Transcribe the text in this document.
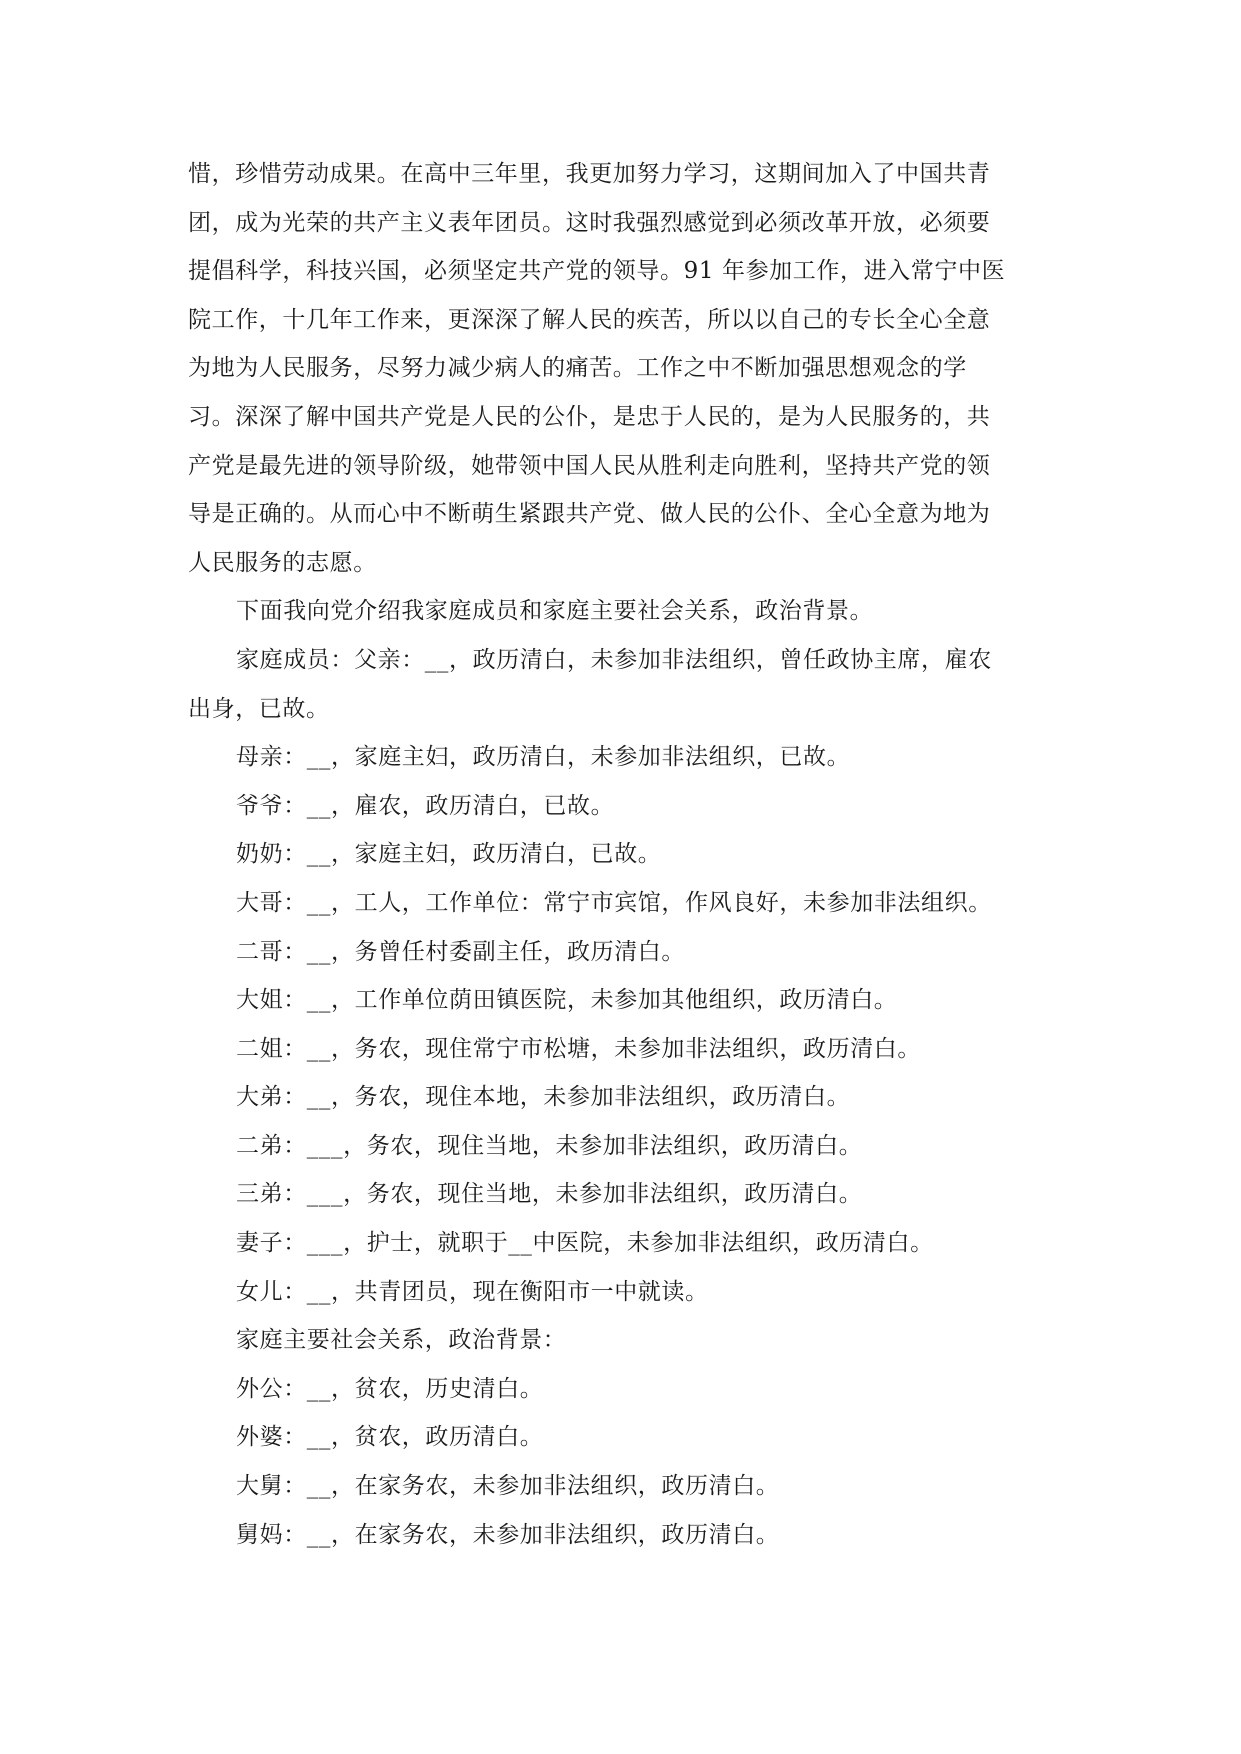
惜，珍惜劳动成果。在高中三年里，我更加努力学习，这期间加入了中国共青

团，成为光荣的共产主义表年团员。这时我强烈感觉到必须改革开放，必须要

提倡科学，科技兴国，必须坚定共产党的领导。91 年参加工作，进入常宁中医

院工作，十几年工作来，更深深了解人民的疾苦，所以以自己的专长全心全意

为地为人民服务，尽努力减少病人的痛苦。工作之中不断加强思想观念的学

习。深深了解中国共产党是人民的公仆，是忠于人民的，是为人民服务的，共

产党是最先进的领导阶级，她带领中国人民从胜利走向胜利，坚持共产党的领

导是正确的。从而心中不断萌生紧跟共产党、做人民的公仆、全心全意为地为

人民服务的志愿。

下面我向党介绍我家庭成员和家庭主要社会关系，政治背景。

家庭成员：父亲：__，政历清白，未参加非法组织，曾任政协主席，雇农

出身，已故。

母亲：__，家庭主妇，政历清白，未参加非法组织，已故。

爷爷：__，雇农，政历清白，已故。

奶奶：__，家庭主妇，政历清白，已故。

大哥：__，工人，工作单位：常宁市宾馆，作风良好，未参加非法组织。

二哥：__，务曾任村委副主任，政历清白。

大姐：__，工作单位荫田镇医院，未参加其他组织，政历清白。

二姐：__，务农，现住常宁市松塘，未参加非法组织，政历清白。

大弟：__，务农，现住本地，未参加非法组织，政历清白。

二弟：___，务农，现住当地，未参加非法组织，政历清白。

三弟：___，务农，现住当地，未参加非法组织，政历清白。

妻子：___，护士，就职于__中医院，未参加非法组织，政历清白。

女儿：__，共青团员，现在衡阳市一中就读。

家庭主要社会关系，政治背景：

外公：__，贫农，历史清白。

外婆：__，贫农，政历清白。

大舅：__，在家务农，未参加非法组织，政历清白。

舅妈：__，在家务农，未参加非法组织，政历清白。
